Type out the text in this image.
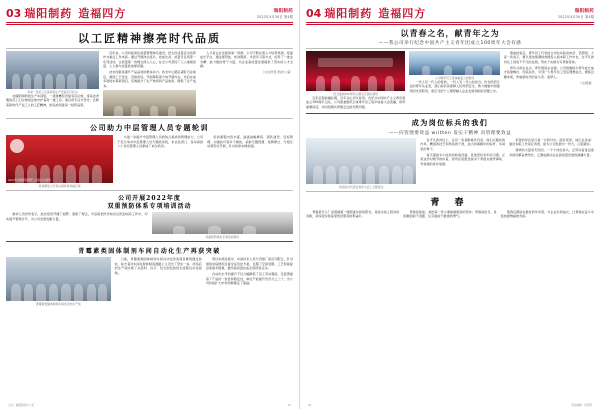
03 瑞阳制药 造福四方	瑞阳制药
2022年4月30日 第4期
以工匠精神擦亮时代品质
车间一线员工认真检查生产设备运行状态

在瑞阳制药的生产车间里，一排排精密设备有序运转，身着洁净服的员工们全神贯注地守护着每一道工序。他们用专注与坚守，诠释着新时代产业工人的工匠精神，把品质刻进每一粒药品里。

近年来，公司持续深化质量管理体系建设，把全员质量意识培养作为重点工作来抓。通过开展岗位练兵、技能比武、质量月宣贯等一系列活动，让质量第一的理念深入人心，在全公司营造了人人重视质量、人人参与质量的浓厚氛围。

技术创新是提升产品品质的根本动力。技术中心团队紧盯行业前沿，围绕工艺优化、设备改造、节能降耗等方向开展攻关，先后完成多项技术革新项目，有效提升了生产效率和产品收率，降低了生产成本。

人才是企业发展的第一资源。公司不断完善人才培养机制，搭建成长平台，通过师带徒、轮岗锻炼、外派学习等方式，培养了一批业务精、能力强的骨干力量，为企业高质量发展提供了坚实的人才支撑。

（文/宣传部 图/办公室）
公司助力中层管理人员专题轮训
2022年度瑞阳制药职工技能比武现场
轮训课堂上学员认真听讲并做记录

为进一步提升中层管理人员的综合素质和管理能力，公司于近日举办中层管理人员专题培训班，来自各部门、各车间的六十余名管理人员参加了本次培训。

培训课程内容丰富，涵盖战略解码、团队建设、目标管理、沟通技巧等多个模块，采取专题授课、案例研讨、分组互动等形式开展，针对性和实操性强。

公司开展2022年度
双重预防体系专项培训活动

参训人员纷纷表示，此次培训开阔了视野、更新了理念，今后将把所学知识运用到实际工作中，切实提升管理水平，为公司发展贡献力量。

双重预防体系专项培训现场
青霉素类固体制剂车间自动化生产再获突破
青霉素类固体制剂车间自动化生产线

日前，青霉素类固体制剂车间自动化改造项目顺利通过验收，标志着该车间在智能制造道路上又迈出了坚实一步。改造后的生产线实现了从投料、压片、包衣到包装的全流程自动化控制。

项目实施过程中，车间技术人员与设备厂家密切配合，针对现场实际情况反复论证优化方案，克服了空间受限、工艺衔接复杂等诸多困难，最终高质量完成全部改造任务。

自动化水平的提升不仅大幅降低了员工劳动强度，还显著提高了产品的一致性和稳定性，单位产能提升约百分之三十，为公司持续扩大市场份额奠定了基础。

主办：瑞阳制药办公室	03
04 瑞阳制药 造福四方	瑞阳制药
2022年4月30日 第4期
以青春之名，献青年之为
——我公司举行纪念中国共产主义青年团成立100周年大会有感
纪念建团100周年主题文艺演出现场

百年征程波澜壮阔，百年初心历久弥坚。在纪念中国共产主义青年团成立100周年之际，公司团委组织全体青年员工集中收看大会直播，聆听重要讲话，共同回顾共青团走过的光辉历程。

公司青年员工集体重温入团誓词

一代人有一代人的使命，一代人有一代人的担当。作为医药行业的青年从业者，我们肩负着保障人民用药安全、助力健康中国建设的光荣职责，更应当把个人理想融入企业发展和国家需要之中。

观看结束后，青年员工代表结合岗位实际谈体会、话感悟。大家一致表示，要以更加饱满的热情投入到本职工作中去，在平凡的岗位上创造不平凡的业绩，用实干实绩书写青春答卷。

青年兴则企业兴，青年强则企业强。公司将继续为青年成长成才搭建舞台、创造条件，引导广大青年员工坚定理想信念、锤炼过硬本领，争做新时代的奋斗者、追梦人。

（文/团委）
成为岗位标兵的我们
——向管理要效益 written 发实干精神 向管理要效益
岗位标兵代表在表彰大会上合影留念

在平凡的岗位上，总有一些身影格外闪亮。他们以踏实的作风、精湛的技艺和昂扬的干劲，成为同事眼中的标杆、车间里的骨干。

每天提前半小时到岗检查设备，是他坚持多年的习惯。正是这份对细节的执着，使所在班组连续多个季度实现零事故、零差错的优异成绩。

荣誉的背后是日复一日的付出。面对荣誉，他们总是说：做好本职工作是应该的，能为公司发展出一份力，心里踏实。

榜样的力量是无穷的。一个个岗位标兵，正带动着身边更多的同事奋勇争先，汇聚成推动企业高质量发展的磅礴力量。

青 春

青春是什么？是清晨第一缕照进车间的阳光，是流水线上跃动的身影，是深夜实验室里依旧明亮的那盏灯。

青春是热爱，是把每一件小事做到极致的坚持；青春是担当，是困难面前不退缩、任务面前不推诿的勇气。

愿我们都能在最好的年华里，与企业共同成长，让青春在奋斗中绽放最绚丽的光彩。

责任编辑：宣传部
04
